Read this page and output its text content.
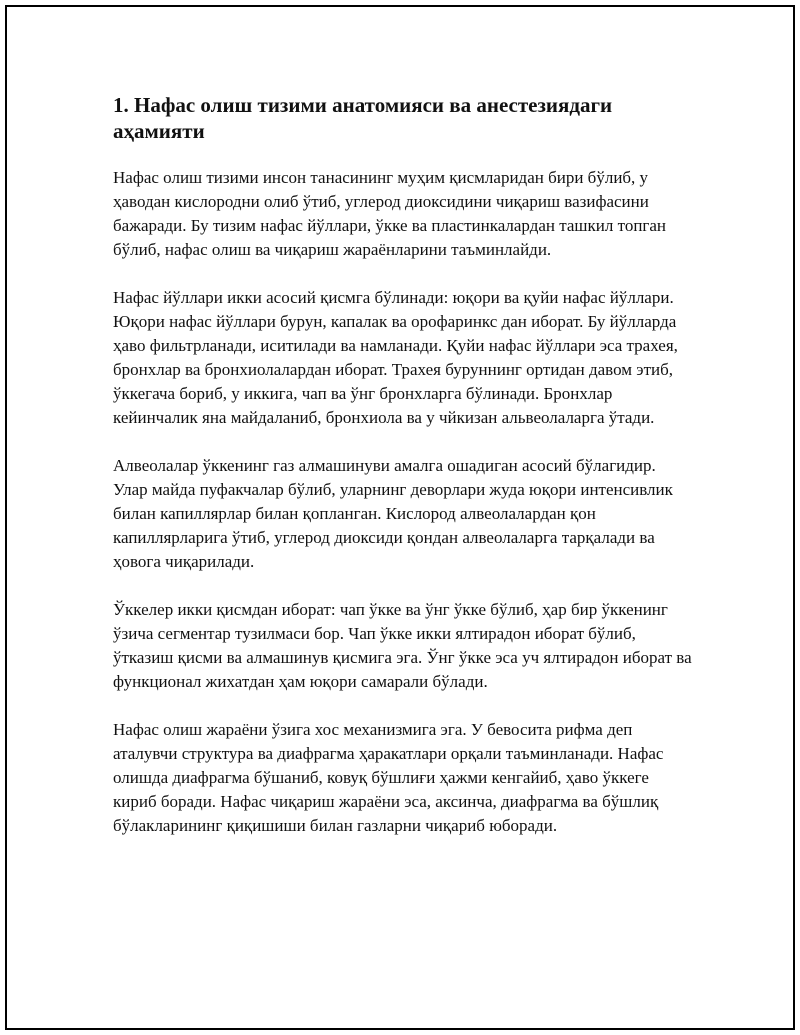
1. Нафас олиш тизими анатомияси ва анестезиядаги аҳамияти

Нафас олиш тизими инсон танасининг муҳим қисмларидан бири бўлиб, у ҳаводан кислородни олиб ўтиб, углерод диоксидини чиқариш вазифасини бажаради. Бу тизим нафас йўллари, ўкке ва пластинкалардан ташкил топган бўлиб, нафас олиш ва чиқариш жараёнларини таъминлайди.

Нафас йўллари икки асосий қисмга бўлинади: юқори ва қуйи нафас йўллари. Юқори нафас йўллари бурун, капалак ва орофаринкс дан иборат. Бу йўлларда ҳаво фильтрланади, иситилади ва намланади. Қуйи нафас йўллари эса трахея, бронхлар ва бронхиолалардан иборат. Трахея буруннинг ортидан давом этиб, ўккегача бориб, у иккига, чап ва ўнг бронхларга бўлинади. Бронхлар кейинчалик яна майдаланиб, бронхиола ва у чйкизан альвеолаларга ўтади.

Алвеолалар ўккенинг газ алмашинуви амалга ошадиган асосий бўлагидир. Улар майда пуфакчалар бўлиб, уларнинг деворлари жуда юқори интенсивлик билан капиллярлар билан қопланган. Кислород алвеолалардан қон капиллярларига ўтиб, углерод диоксиди қондан алвеолаларга тарқалади ва ҳовога чиқарилади.

Ўккелер икки қисмдан иборат: чап ўкке ва ўнг ўкке бўлиб, ҳар бир ўккенинг ўзича сегментар тузилмаси бор. Чап ўкке икки ялтирадон иборат бўлиб, ўтказиш қисми ва алмашинув қисмига эга. Ўнг ўкке эса уч ялтирадон иборат ва функционал жихатдан ҳам юқори самарали бўлади.

Нафас олиш жараёни ўзига хос механизмига эга. У бевосита рифма деп аталувчи структура ва диафрагма ҳаракатлари орқали таъминланади. Нафас олишда диафрагма бўшаниб, ковуқ бўшлиғи ҳажми кенгайиб, ҳаво ўккеге кириб боради. Нафас чиқариш жараёни эса, аксинча, диафрагма ва бўшлиқ бўлакларининг қиқишиши билан газларни чиқариб юборади.
